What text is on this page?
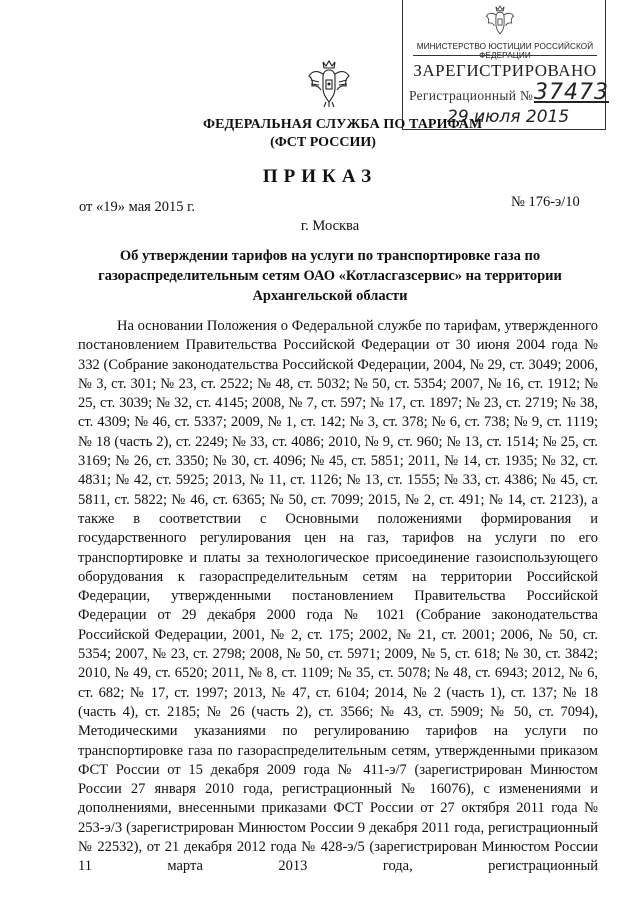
МИНИСТЕРСТВО ЮСТИЦИИ РОССИЙСКОЙ
ЗАРЕГИСТРИРОВАНО
Регистрационный № 37473
29 июля 2015
ФЕДЕРАЛЬНАЯ СЛУЖБА ПО ТАРИФАМ
(ФСТ РОССИИ)
ПРИКАЗ
от «19» мая 2015 г.	№ 176-э/10
г. Москва
Об утверждении тарифов на услуги по транспортировке газа по
газораспределительным сетям ОАО «Котласгазсервис» на территории
Архангельской области
На основании Положения о Федеральной службе по тарифам, утвержденного постановлением Правительства Российской Федерации от 30 июня 2004 года № 332 (Собрание законодательства Российской Федерации, 2004, № 29, ст. 3049; 2006, № 3, ст. 301; № 23, ст. 2522; № 48, ст. 5032; № 50, ст. 5354; 2007, № 16, ст. 1912; № 25, ст. 3039; № 32, ст. 4145; 2008, № 7, ст. 597; № 17, ст. 1897; № 23, ст. 2719; № 38, ст. 4309; № 46, ст. 5337; 2009, № 1, ст. 142; № 3, ст. 378; № 6, ст. 738; № 9, ст. 1119; № 18 (часть 2), ст. 2249; № 33, ст. 4086; 2010, № 9, ст. 960; № 13, ст. 1514; № 25, ст. 3169; № 26, ст. 3350; № 30, ст. 4096; № 45, ст. 5851; 2011, № 14, ст. 1935; № 32, ст. 4831; № 42, ст. 5925; 2013, № 11, ст. 1126; № 13, ст. 1555; № 33, ст. 4386; № 45, ст. 5811, ст. 5822; № 46, ст. 6365; № 50, ст. 7099; 2015, № 2, ст. 491; № 14, ст. 2123), а также в соответствии с Основными положениями формирования и государственного регулирования цен на газ, тарифов на услуги по его транспортировке и платы за технологическое присоединение газоиспользующего оборудования к газораспределительным сетям на территории Российской Федерации, утвержденными постановлением Правительства Российской Федерации от 29 декабря 2000 года № 1021 (Собрание законодательства Российской Федерации, 2001, № 2, ст. 175; 2002, № 21, ст. 2001; 2006, № 50, ст. 5354; 2007, № 23, ст. 2798; 2008, № 50, ст. 5971; 2009, № 5, ст. 618; № 30, ст. 3842; 2010, № 49, ст. 6520; 2011, № 8, ст. 1109; № 35, ст. 5078; № 48, ст. 6943; 2012, № 6, ст. 682; № 17, ст. 1997; 2013, № 47, ст. 6104; 2014, № 2 (часть 1), ст. 137; № 18 (часть 4), ст. 2185; № 26 (часть 2), ст. 3566; № 43, ст. 5909; № 50, ст. 7094), Методическими указаниями по регулированию тарифов на услуги по транспортировке газа по газораспределительным сетям, утвержденными приказом ФСТ России от 15 декабря 2009 года № 411-э/7 (зарегистрирован Минюстом России 27 января 2010 года, регистрационный № 16076), с изменениями и дополнениями, внесенными приказами ФСТ России от 27 октября 2011 года № 253-э/3 (зарегистрирован Минюстом России 9 декабря 2011 года, регистрационный № 22532), от 21 декабря 2012 года № 428-э/5 (зарегистрирован Минюстом России 11 марта 2013 года, регистрационный
